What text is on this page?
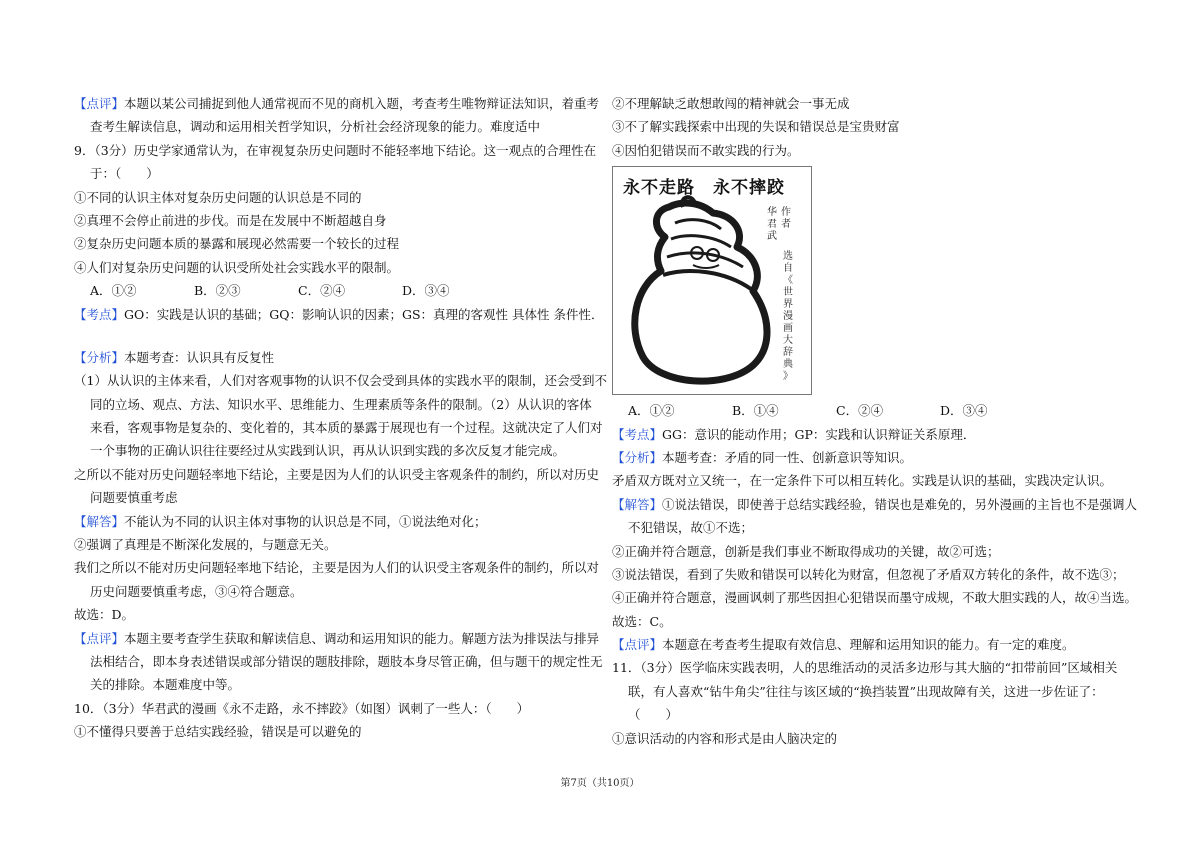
【点评】本题以某公司捕捉到他人通常视而不见的商机入题，考查考生唯物辩证法知识，着重考
查考生解读信息，调动和运用相关哲学知识，分析社会经济现象的能力。难度适中
9．（3分）历史学家通常认为，在审视复杂历史问题时不能轻率地下结论。这一观点的合理性在
于：（　　）
①不同的认识主体对复杂历史问题的认识总是不同的
②真理不会停止前进的步伐。而是在发展中不断超越自身
②复杂历史问题本质的暴露和展现必然需要一个较长的过程
④人们对复杂历史问题的认识受所处社会实践水平的限制。
A．①②	B．②③	C．②④	D．③④
【考点】GO：实践是认识的基础；GQ：影响认识的因素；GS：真理的客观性 具体性 条件性．
【分析】本题考查：认识具有反复性
（1）从认识的主体来看，人们对客观事物的认识不仅会受到具体的实践水平的限制，还会受到不
同的立场、观点、方法、知识水平、思维能力、生理素质等条件的限制。（2）从认识的客体
来看，客观事物是复杂的、变化着的，其本质的暴露于展现也有一个过程。这就决定了人们对
一个事物的正确认识往往要经过从实践到认识，再从认识到实践的多次反复才能完成。
之所以不能对历史问题轻率地下结论，主要是因为人们的认识受主客观条件的制约，所以对历史
问题要慎重考虑
【解答】不能认为不同的认识主体对事物的认识总是不同，①说法绝对化；
②强调了真理是不断深化发展的，与题意无关。
我们之所以不能对历史问题轻率地下结论，主要是因为人们的认识受主客观条件的制约，所以对
历史问题要慎重考虑，③④符合题意。
故选：D。
【点评】本题主要考查学生获取和解读信息、调动和运用知识的能力。解题方法为排误法与排异
法相结合，即本身表述错误或部分错误的题肢排除，题肢本身尽管正确，但与题干的规定性无
关的排除。本题难度中等。
10．（3分）华君武的漫画《永不走路，永不摔跤》（如图）讽刺了一些人：（　　）
①不懂得只要善于总结实践经验，错误是可以避免的
②不理解缺乏敢想敢闯的精神就会一事无成
③不了解实践探索中出现的失误和错误总是宝贵财富
④因怕犯错误而不敢实践的行为。
永不走路　永不摔跤
作
者
华
君
武
选
自
《
世
界
漫
画
大
辞
典
》
A．①②	B．①④	C．②④	D．③④
【考点】GG：意识的能动作用；GP：实践和认识辩证关系原理．
【分析】本题考查：矛盾的同一性、创新意识等知识。
矛盾双方既对立又统一，在一定条件下可以相互转化。实践是认识的基础，实践决定认识。
【解答】①说法错误，即使善于总结实践经验，错误也是难免的，另外漫画的主旨也不是强调人
不犯错误，故①不选；
②正确并符合题意，创新是我们事业不断取得成功的关键，故②可选；
③说法错误，看到了失败和错误可以转化为财富，但忽视了矛盾双方转化的条件，故不选③；
④正确并符合题意，漫画讽刺了那些因担心犯错误而墨守成规，不敢大胆实践的人，故④当选。
故选：C。
【点评】本题意在考查考生提取有效信息、理解和运用知识的能力。有一定的难度。
11．（3分）医学临床实践表明，人的思维活动的灵活多边形与其大脑的“扣带前回”区域相关
联，有人喜欢“钻牛角尖”往往与该区域的“换挡装置”出现故障有关，这进一步佐证了：
（　　）
①意识活动的内容和形式是由人脑决定的
第7页（共10页）
